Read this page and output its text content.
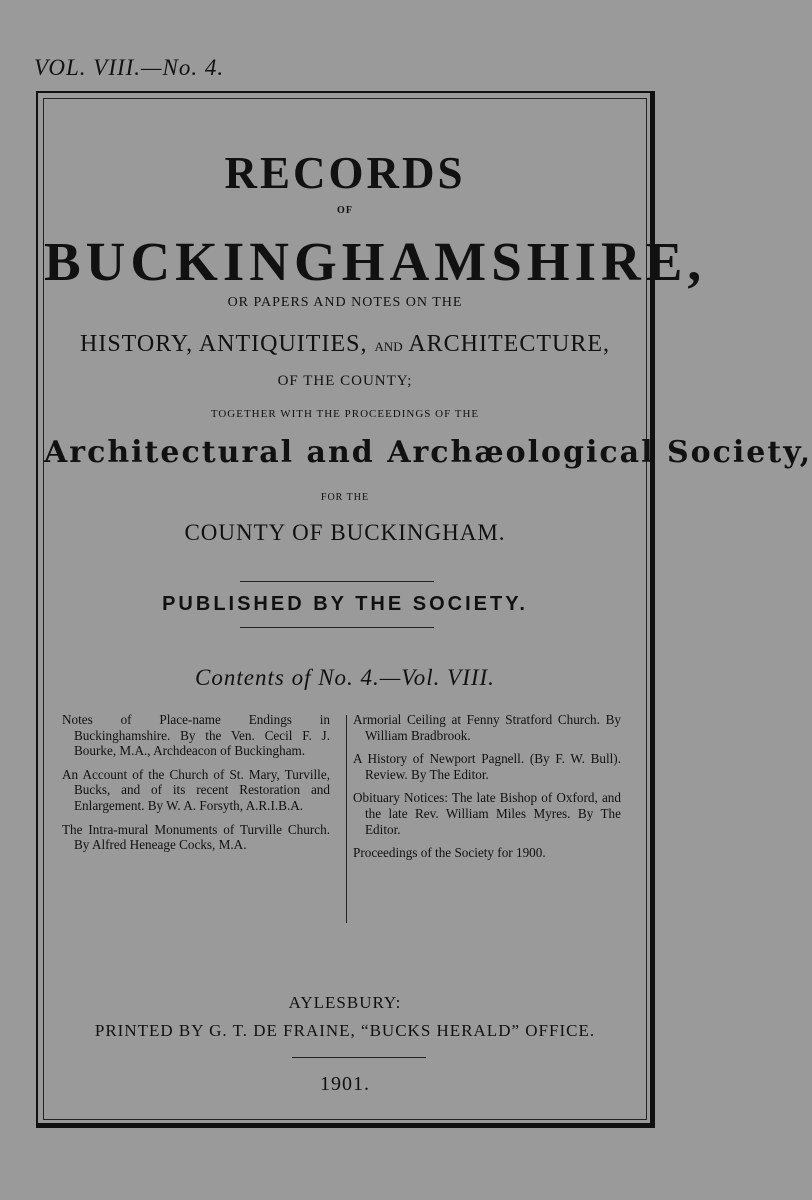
VOL. VIII.—No. 4.
RECORDS
OF
BUCKINGHAMSHIRE,
OR PAPERS AND NOTES ON THE
HISTORY, ANTIQUITIES, AND ARCHITECTURE,
OF THE COUNTY;
TOGETHER WITH THE PROCEEDINGS OF THE
Architectural and Archæological Society,
FOR THE
COUNTY OF BUCKINGHAM.
PUBLISHED BY THE SOCIETY.
Contents of No. 4.—Vol. VIII.

Notes of Place-name Endings in Buckinghamshire. By the Ven. Cecil F. J. Bourke, M.A., Archdeacon of Buckingham.

An Account of the Church of St. Mary, Turville, Bucks, and of its recent Restoration and Enlargement. By W. A. Forsyth, A.R.I.B.A.

The Intra-mural Monuments of Turville Church. By Alfred Heneage Cocks, M.A.

Armorial Ceiling at Fenny Stratford Church. By William Bradbrook.

A History of Newport Pagnell. (By F. W. Bull). Review. By The Editor.

Obituary Notices: The late Bishop of Oxford, and the late Rev. William Miles Myres. By The Editor.

Proceedings of the Society for 1900.

AYLESBURY:
PRINTED BY G. T. DE FRAINE, “BUCKS HERALD” OFFICE.
1901.
